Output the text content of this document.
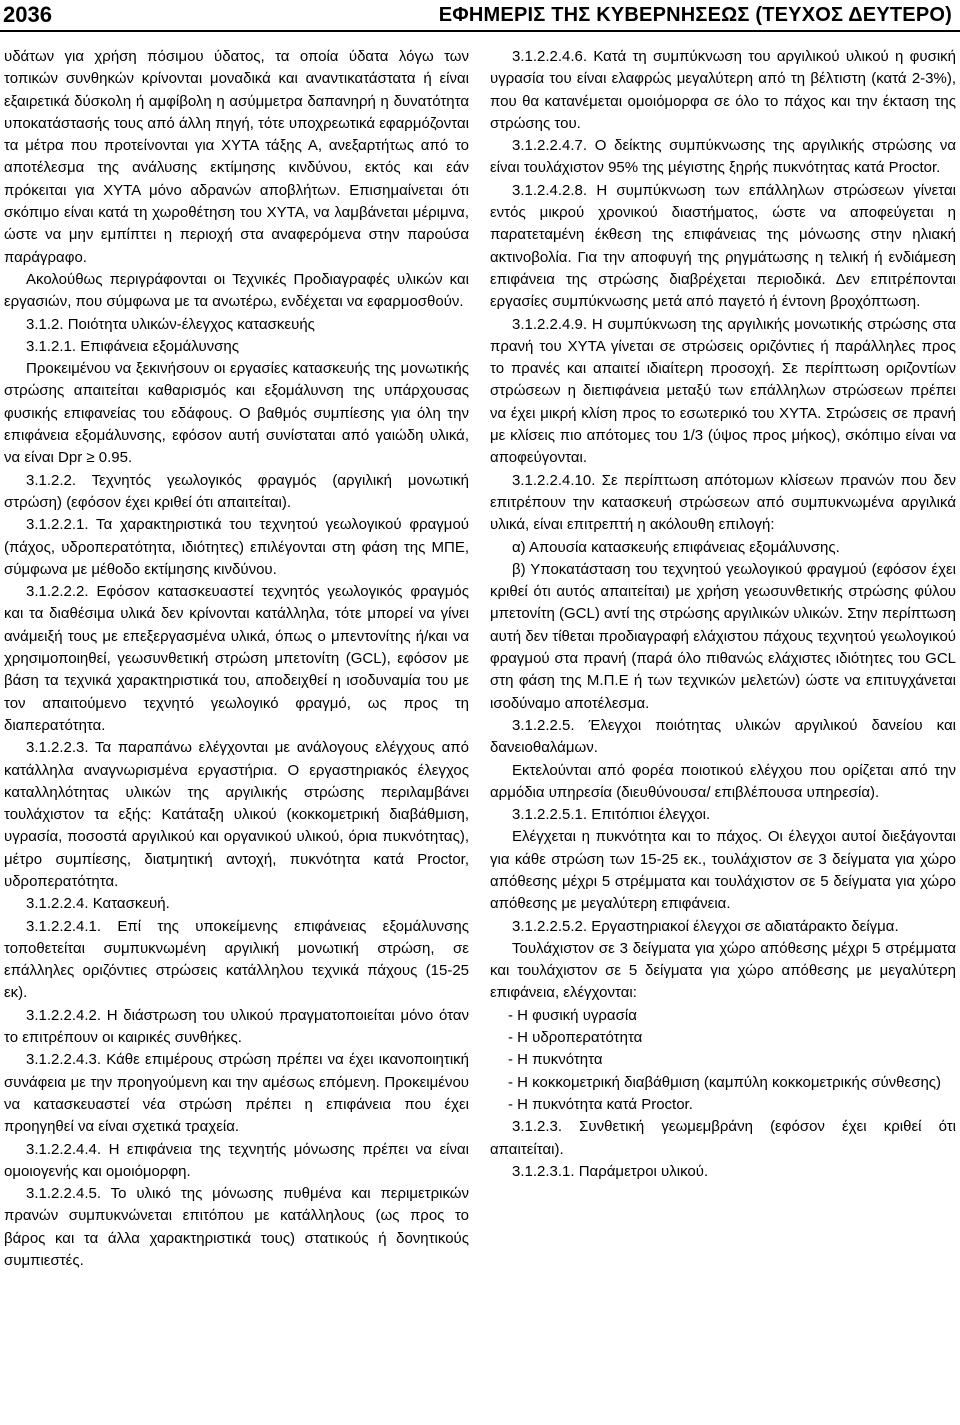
2036	ΕΦΗΜΕΡΙΣ ΤΗΣ ΚΥΒΕΡΝΗΣΕΩΣ (ΤΕΥΧΟΣ ΔΕΥΤΕΡΟ)

υδάτων για χρήση πόσιμου ύδατος, τα οποία ύδατα λόγω των τοπικών συνθηκών κρίνονται μοναδικά και αναντικατάστατα ή είναι εξαιρετικά δύσκολη ή αμφίβολη η ασύμμετρα δαπανηρή η δυνατότητα υποκατάστασής τους από άλλη πηγή, τότε υποχρεωτικά εφαρμόζονται τα μέτρα που προτείνονται για ΧΥΤΑ τάξης Α, ανεξαρτήτως από το αποτέλεσμα της ανάλυσης εκτίμησης κινδύνου, εκτός και εάν πρόκειται για ΧΥΤΑ μόνο αδρανών αποβλήτων. Επισημαίνεται ότι σκόπιμο είναι κατά τη χωροθέτηση του ΧΥΤΑ, να λαμβάνεται μέριμνα, ώστε να μην εμπίπτει η περιοχή στα αναφερόμενα στην παρούσα παράγραφο.

Ακολούθως περιγράφονται οι Τεχνικές Προδιαγραφές υλικών και εργασιών, που σύμφωνα με τα ανωτέρω, ενδέχεται να εφαρμοσθούν.

3.1.2. Ποιότητα υλικών-έλεγχος κατασκευής

3.1.2.1. Επιφάνεια εξομάλυνσης

Προκειμένου να ξεκινήσουν οι εργασίες κατασκευής της μονωτικής στρώσης απαιτείται καθαρισμός και εξομάλυνση της υπάρχουσας φυσικής επιφανείας του εδάφους. Ο βαθμός συμπίεσης για όλη την επιφάνεια εξομάλυνσης, εφόσον αυτή συνίσταται από γαιώδη υλικά, να είναι Dpr ≥ 0.95.

3.1.2.2. Τεχνητός γεωλογικός φραγμός (αργιλική μονωτική στρώση) (εφόσον έχει κριθεί ότι απαιτείται).

3.1.2.2.1. Τα χαρακτηριστικά του τεχνητού γεωλογικού φραγμού (πάχος, υδροπερατότητα, ιδιότητες) επιλέγονται στη φάση της ΜΠΕ, σύμφωνα με μέθοδο εκτίμησης κινδύνου.

3.1.2.2.2. Εφόσον κατασκευαστεί τεχνητός γεωλογικός φραγμός και τα διαθέσιμα υλικά δεν κρίνονται κατάλληλα, τότε μπορεί να γίνει ανάμειξή τους με επεξεργασμένα υλικά, όπως ο μπεντονίτης ή/και να χρησιμοποιηθεί, γεωσυνθετική στρώση μπετονίτη (GCL), εφόσον με βάση τα τεχνικά χαρακτηριστικά του, αποδειχθεί η ισοδυναμία του με τον απαιτούμενο τεχνητό γεωλογικό φραγμό, ως προς τη διαπερατότητα.

3.1.2.2.3. Τα παραπάνω ελέγχονται με ανάλογους ελέγχους από κατάλληλα αναγνωρισμένα εργαστήρια. Ο εργαστηριακός έλεγχος καταλληλότητας υλικών της αργιλικής στρώσης περιλαμβάνει τουλάχιστον τα εξής: Κατάταξη υλικού (κοκκομετρική διαβάθμιση, υγρασία, ποσοστά αργιλικού και οργανικού υλικού, όρια πυκνότητας), μέτρο συμπίεσης, διατμητική αντοχή, πυκνότητα κατά Proctor, υδροπερατότητα.

3.1.2.2.4. Κατασκευή.

3.1.2.2.4.1. Επί της υποκείμενης επιφάνειας εξομάλυνσης τοποθετείται συμπυκνωμένη αργιλική μονωτική στρώση, σε επάλληλες οριζόντιες στρώσεις κατάλληλου τεχνικά πάχους (15-25 εκ).

3.1.2.2.4.2. Η διάστρωση του υλικού πραγματοποιείται μόνο όταν το επιτρέπουν οι καιρικές συνθήκες.

3.1.2.2.4.3. Κάθε επιμέρους στρώση πρέπει να έχει ικανοποιητική συνάφεια με την προηγούμενη και την αμέσως επόμενη. Προκειμένου να κατασκευαστεί νέα στρώση πρέπει η επιφάνεια που έχει προηγηθεί να είναι σχετικά τραχεία.

3.1.2.2.4.4. Η επιφάνεια της τεχνητής μόνωσης πρέπει να είναι ομοιογενής και ομοιόμορφη.

3.1.2.2.4.5. Το υλικό της μόνωσης πυθμένα και περιμετρικών πρανών συμπυκνώνεται επιτόπου με κατάλληλους (ως προς το βάρος και τα άλλα χαρακτηριστικά τους) στατικούς ή δονητικούς συμπιεστές.

3.1.2.2.4.6. Κατά τη συμπύκνωση του αργιλικού υλικού η φυσική υγρασία του είναι ελαφρώς μεγαλύτερη από τη βέλτιστη (κατά 2-3%), που θα κατανέμεται ομοιόμορφα σε όλο το πάχος και την έκταση της στρώσης του.

3.1.2.2.4.7. Ο δείκτης συμπύκνωσης της αργιλικής στρώσης να είναι τουλάχιστον 95% της μέγιστης ξηρής πυκνότητας κατά Proctor.

3.1.2.4.2.8. Η συμπύκνωση των επάλληλων στρώσεων γίνεται εντός μικρού χρονικού διαστήματος, ώστε να αποφεύγεται η παρατεταμένη έκθεση της επιφάνειας της μόνωσης στην ηλιακή ακτινοβολία. Για την αποφυγή της ρηγμάτωσης η τελική ή ενδιάμεση επιφάνεια της στρώσης διαβρέχεται περιοδικά. Δεν επιτρέπονται εργασίες συμπύκνωσης μετά από παγετό ή έντονη βροχόπτωση.

3.1.2.2.4.9. Η συμπύκνωση της αργιλικής μονωτικής στρώσης στα πρανή του ΧΥΤΑ γίνεται σε στρώσεις οριζόντιες ή παράλληλες προς το πρανές και απαιτεί ιδιαίτερη προσοχή. Σε περίπτωση οριζοντίων στρώσεων η διεπιφάνεια μεταξύ των επάλληλων στρώσεων πρέπει να έχει μικρή κλίση προς το εσωτερικό του ΧΥΤΑ. Στρώσεις σε πρανή με κλίσεις πιο απότομες του 1/3 (ύψος προς μήκος), σκόπιμο είναι να αποφεύγονται.

3.1.2.2.4.10. Σε περίπτωση απότομων κλίσεων πρανών που δεν επιτρέπουν την κατασκευή στρώσεων από συμπυκνωμένα αργιλικά υλικά, είναι επιτρεπτή η ακόλουθη επιλογή:

α) Απουσία κατασκευής επιφάνειας εξομάλυνσης.

β) Υποκατάσταση του τεχνητού γεωλογικού φραγμού (εφόσον έχει κριθεί ότι αυτός απαιτείται) με χρήση γεωσυνθετικής στρώσης φύλου μπετονίτη (GCL) αντί της στρώσης αργιλικών υλικών. Στην περίπτωση αυτή δεν τίθεται προδιαγραφή ελάχιστου πάχους τεχνητού γεωλογικού φραγμού στα πρανή (παρά όλο πιθανώς ελάχιστες ιδιότητες του GCL στη φάση της Μ.Π.Ε ή των τεχνικών μελετών) ώστε να επιτυγχάνεται ισοδύναμο αποτέλεσμα.

3.1.2.2.5. Έλεγχοι ποιότητας υλικών αργιλικού δανείου και δανειοθαλάμων.

Εκτελούνται από φορέα ποιοτικού ελέγχου που ορίζεται από την αρμόδια υπηρεσία (διευθύνουσα/ επιβλέπουσα υπηρεσία).

3.1.2.2.5.1. Επιτόπιοι έλεγχοι.

Ελέγχεται η πυκνότητα και το πάχος. Οι έλεγχοι αυτοί διεξάγονται για κάθε στρώση των 15-25 εκ., τουλάχιστον σε 3 δείγματα για χώρο απόθεσης μέχρι 5 στρέμματα και τουλάχιστον σε 5 δείγματα για χώρο απόθεσης με μεγαλύτερη επιφάνεια.

3.1.2.2.5.2. Εργαστηριακοί έλεγχοι σε αδιατάρακτο δείγμα.

Τουλάχιστον σε 3 δείγματα για χώρο απόθεσης μέχρι 5 στρέμματα και τουλάχιστον σε 5 δείγματα για χώρο απόθεσης με μεγαλύτερη επιφάνεια, ελέγχονται:

- Η φυσική υγρασία

- Η υδροπερατότητα

- Η πυκνότητα

- Η κοκκομετρική διαβάθμιση (καμπύλη κοκκομετρικής σύνθεσης)

- Η πυκνότητα κατά Proctor.

3.1.2.3. Συνθετική γεωμεμβράνη (εφόσον έχει κριθεί ότι απαιτείται).

3.1.2.3.1. Παράμετροι υλικού.
